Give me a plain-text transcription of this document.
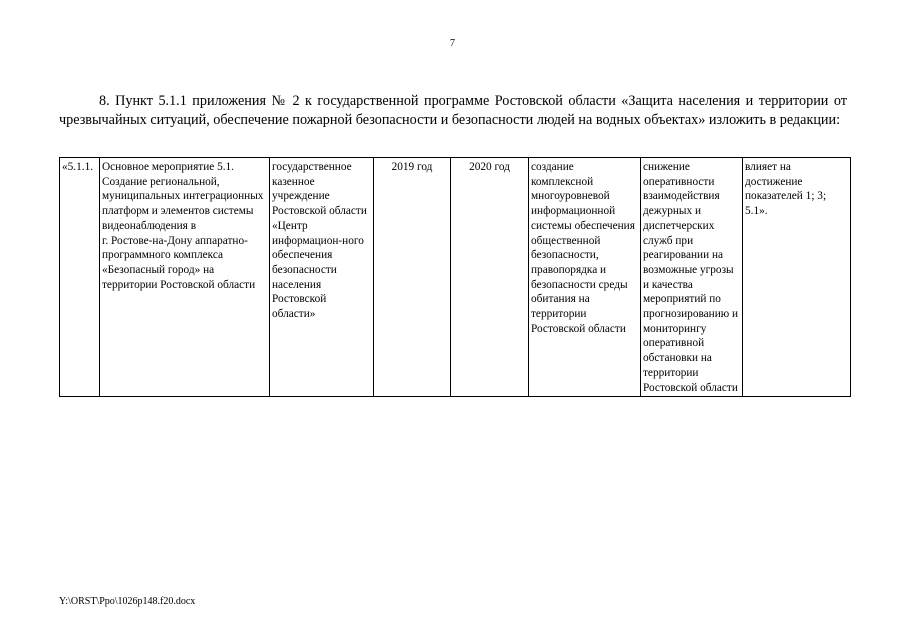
7

8. Пункт 5.1.1 приложения № 2 к государственной программе Ростовской области «Защита населения и территории от чрезвычайных ситуаций, обеспечение пожарной безопасности и безопасности людей на водных объектах» изложить в редакции:

«5.1.1.	Основное мероприятие 5.1.
Создание региональной, муниципальных интеграционных платформ и элементов системы видеонаблюдения в
г. Ростове-на-Дону аппаратно-программного комплекса «Безопасный город» на территории Ростовской области	государственное казенное учреждение Ростовской области «Центр информацион-ного обеспечения безопасности населения Ростовской области»	2019 год	2020 год	создание комплексной многоуровневой информационной системы обеспечения общественной безопасности, правопорядка и безопасности среды обитания на территории Ростовской области	снижение оперативности взаимодействия дежурных и диспетчерских служб при реагировании на возможные угрозы и качества мероприятий по прогнозировани​ю и мониторингу оперативной обстановки на территории Ростовской области	влияет на достижение показателей 1; 3; 5.1».
Y:\ORST\Ppo\1026p148.f20.docx
